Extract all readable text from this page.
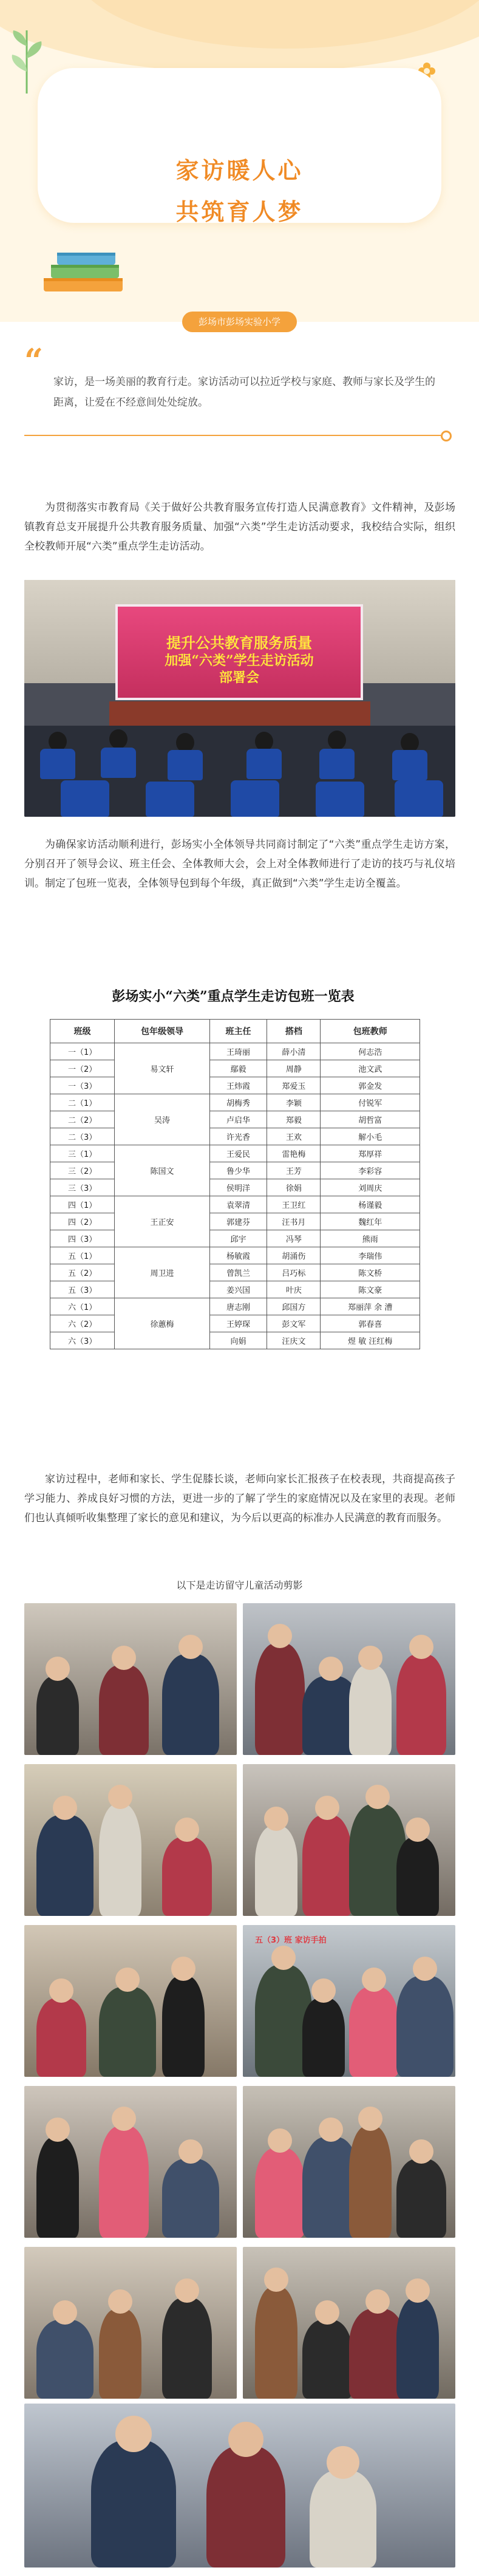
家访暖人心
共筑育人梦
彭场市彭场实验小学
“
家访，是一场美丽的教育行走。家访活动可以拉近学校与家庭、教师与家长及学生的距离，让爱在不经意间处处绽放。
为贯彻落实市教育局《关于做好公共教育服务宣传打造人民满意教育》文件精神，及彭场镇教育总支开展提升公共教育服务质量、加强“六类”学生走访活动要求，我校结合实际，组织全校教师开展“六类”重点学生走访活动。
提升公共教育服务质量
加强“六类”学生走访活动
部署会
为确保家访活动顺利进行，彭场实小全体领导共同商讨制定了“六类”重点学生走访方案，分别召开了领导会议、班主任会、全体教师大会，会上对全体教师进行了走访的技巧与礼仪培训。制定了包班一览表，全体领导包到每个年级，真正做到“六类”学生走访全覆盖。
彭场实小“六类”重点学生走访包班一览表
班级	包年级领导	班主任	搭档	包班教师
一（1）	易文轩	王琦丽	薛小清	何志浩
一（2）		鄢毅	周静	池文武
一（3）		王炜霞	郑爱玉	郭金发
二（1）	吴涛	胡梅秀	李颖	付锐军
二（2）		卢启华	郑毅	胡哲富
二（3）		许光香	王欢	解小毛
三（1）	陈国文	王爱民	雷艳梅	郑厚祥
三（2）		鲁少华	王芳	李彩容
三（3）		侯明洋	徐娟	刘周庆
四（1）	王正安	袁翠清	王卫红	杨谨毅
四（2）		郭建芬	汪书月	魏红年
四（3）		邱宇	冯琴	熊雨
五（1）	周卫进	杨敏霞	胡涌伤	李瑞伟
五（2）		曾凯兰	吕巧标	陈文桥
五（3）		姜兴国	叶庆	陈文豪
六（1）	徐蕙梅	唐志刚	邱国方	郑丽萍 余 漕
六（2）		王婷琛	彭文军	郭春喜
六（3）		向娟	汪庆文	煜 敏 汪红梅
家访过程中，老师和家长、学生促膝长谈，老师向家长汇报孩子在校表现，共商提高孩子学习能力、养成良好习惯的方法，更进一步的了解了学生的家庭情况以及在家里的表现。老师们也认真倾听收集整理了家长的意见和建议，为今后以更高的标准办人民满意的教育而服务。
以下是走访留守儿童活动剪影
五（3）班 家访手拍
